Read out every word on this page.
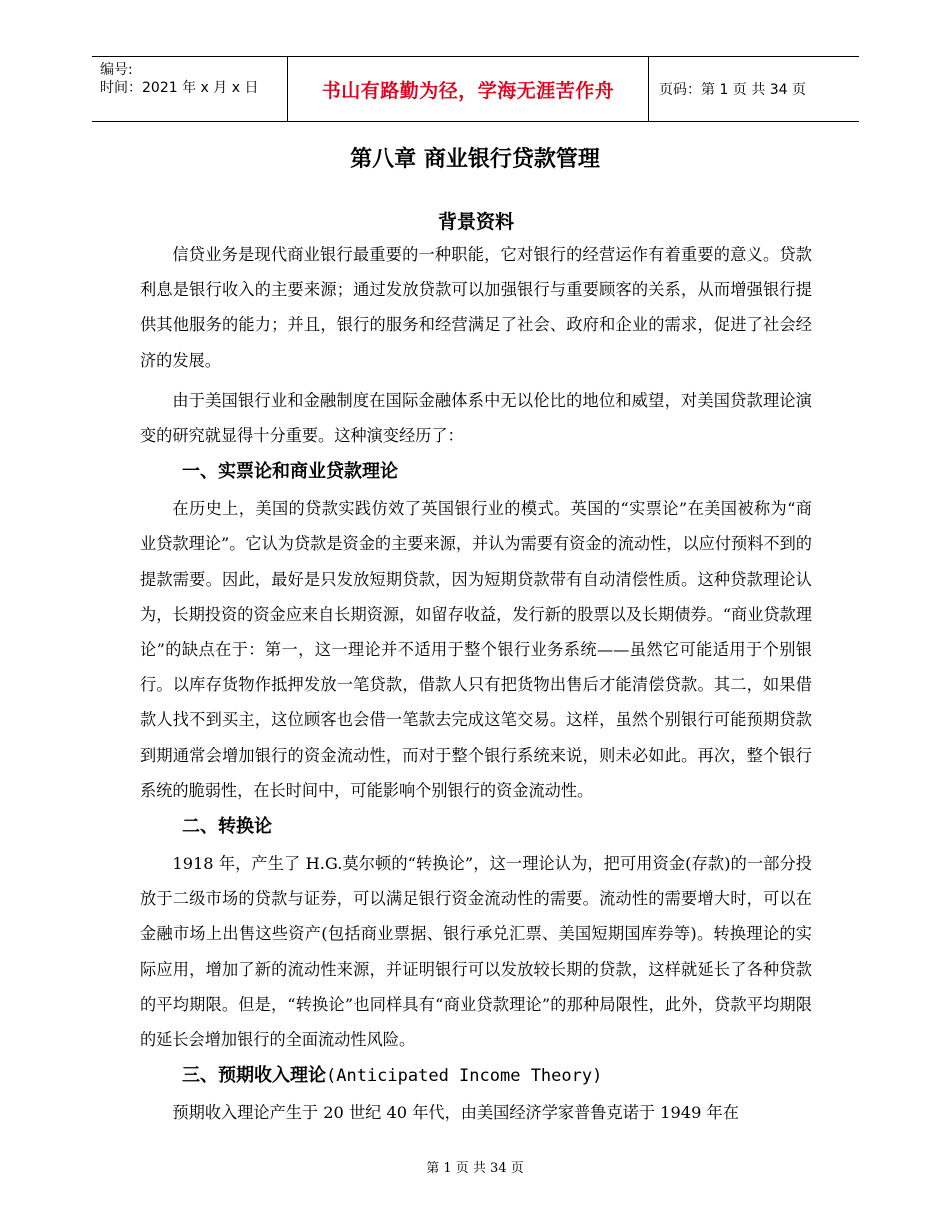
编号:
时间：2021 年 x 月 x 日	书山有路勤为径，学海无涯苦作舟	页码：第 1 页 共 34 页
第八章 商业银行贷款管理

背景资料

信贷业务是现代商业银行最重要的一种职能，它对银行的经营运作有着重要的意义。贷款利息是银行收入的主要来源；通过发放贷款可以加强银行与重要顾客的关系，从而增强银行提供其他服务的能力；并且，银行的服务和经营满足了社会、政府和企业的需求，促进了社会经济的发展。

由于美国银行业和金融制度在国际金融体系中无以伦比的地位和威望，对美国贷款理论演变的研究就显得十分重要。这种演变经历了：

一、实票论和商业贷款理论

在历史上，美国的贷款实践仿效了英国银行业的模式。英国的“实票论”在美国被称为“商业贷款理论”。它认为贷款是资金的主要来源，并认为需要有资金的流动性，以应付预料不到的提款需要。因此，最好是只发放短期贷款，因为短期贷款带有自动清偿性质。这种贷款理论认为，长期投资的资金应来自长期资源，如留存收益，发行新的股票以及长期债券。“商业贷款理论”的缺点在于：第一，这一理论并不适用于整个银行业务系统——虽然它可能适用于个别银行。以库存货物作抵押发放一笔贷款，借款人只有把货物出售后才能清偿贷款。其二，如果借款人找不到买主，这位顾客也会借一笔款去完成这笔交易。这样，虽然个别银行可能预期贷款到期通常会增加银行的资金流动性，而对于整个银行系统来说，则未必如此。再次，整个银行系统的脆弱性，在长时间中，可能影响个别银行的资金流动性。

二、转换论

1918 年，产生了 H.G.莫尔顿的“转换论”，这一理论认为，把可用资金(存款)的一部分投放于二级市场的贷款与证券，可以满足银行资金流动性的需要。流动性的需要增大时，可以在金融市场上出售这些资产(包括商业票据、银行承兑汇票、美国短期国库券等)。转换理论的实际应用，增加了新的流动性来源，并证明银行可以发放较长期的贷款，这样就延长了各种贷款的平均期限。但是，“转换论”也同样具有“商业贷款理论”的那种局限性，此外，贷款平均期限的延长会增加银行的全面流动性风险。

三、预期收入理论(Anticipated Income Theory)

预期收入理论产生于 20 世纪 40 年代，由美国经济学家普鲁克诺于 1949 年在

第 1 页 共 34 页
